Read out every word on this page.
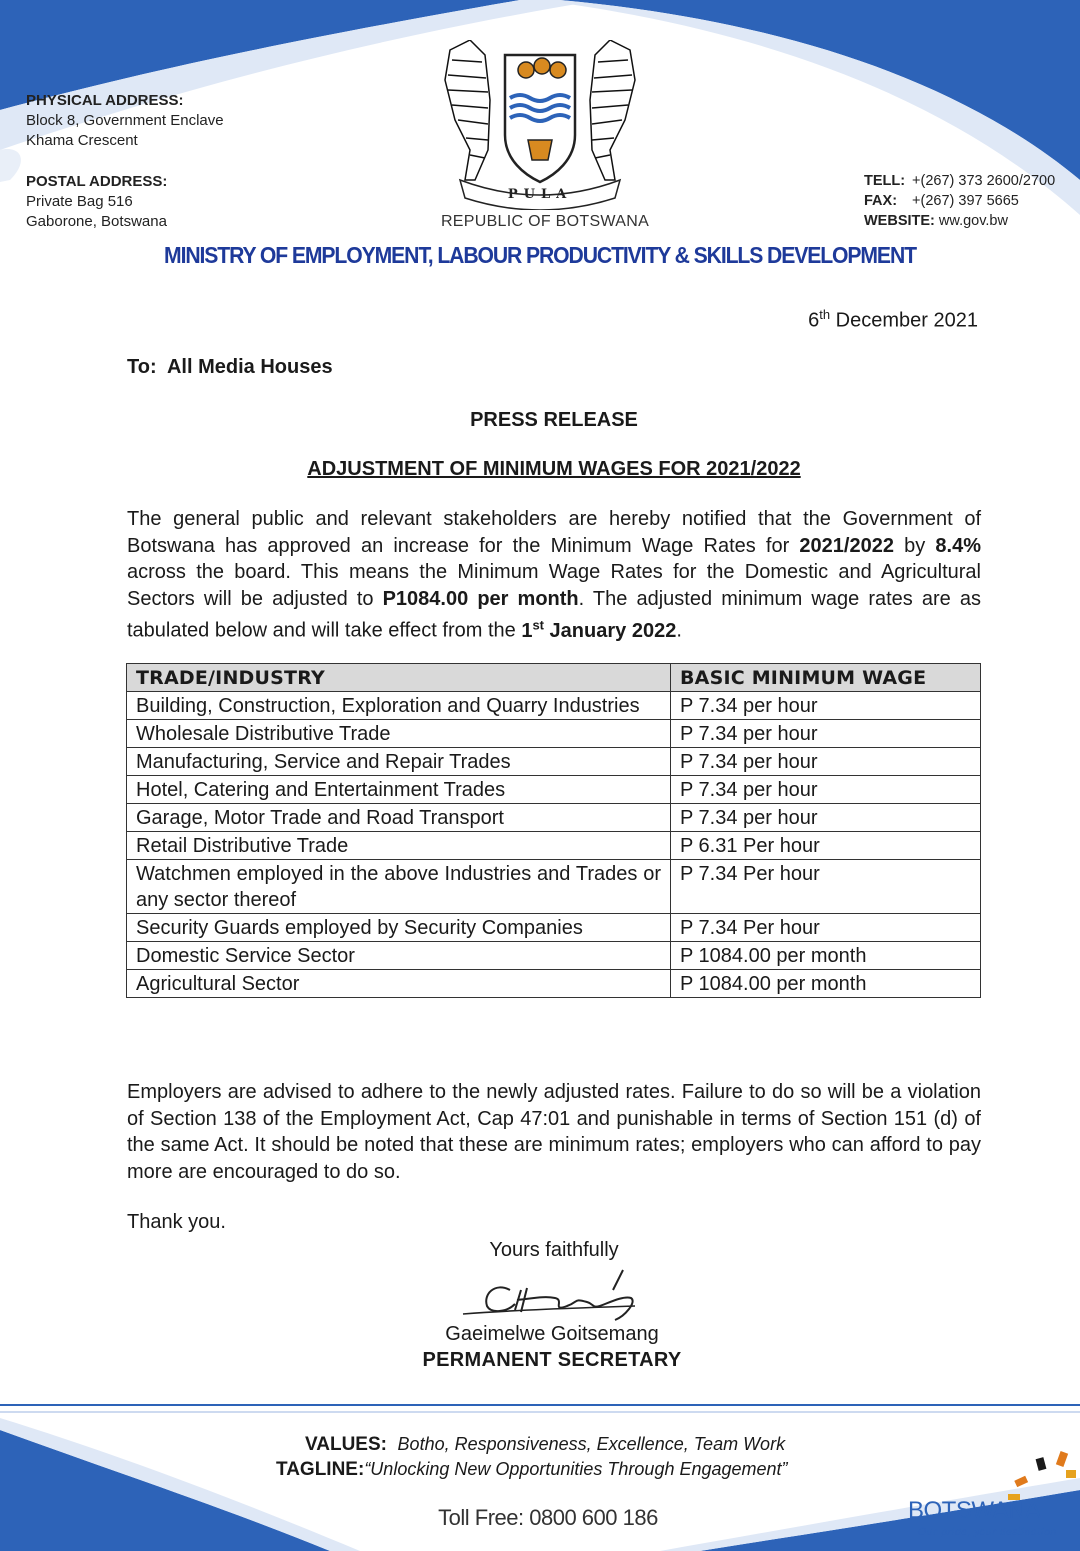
PULA
PHYSICAL ADDRESS:
Block 8, Government Enclave
Khama Crescent
POSTAL ADDRESS:
Private Bag 516
Gaborone, Botswana
TELL: +(267) 373 2600/2700
FAX: +(267) 397 5665
WEBSITE: ww.gov.bw
REPUBLIC OF BOTSWANA
MINISTRY OF EMPLOYMENT, LABOUR PRODUCTIVITY & SKILLS DEVELOPMENT
6th December 2021
To:  All Media Houses
PRESS RELEASE
ADJUSTMENT OF MINIMUM WAGES FOR 2021/2022
The general public and relevant stakeholders are hereby notified that the Government of Botswana has approved an increase for the Minimum Wage Rates for 2021/2022 by 8.4% across the board. This means the Minimum Wage Rates for the Domestic and Agricultural Sectors will be adjusted to P1084.00 per month. The adjusted minimum wage rates are as tabulated below and will take effect from the 1st January 2022.
TRADE/INDUSTRY	BASIC MINIMUM WAGE
Building, Construction, Exploration and Quarry Industries	P 7.34 per hour
Wholesale Distributive Trade	P 7.34 per hour
Manufacturing, Service and Repair Trades	P 7.34 per hour
Hotel, Catering and Entertainment Trades	P 7.34 per hour
Garage, Motor Trade and Road Transport	P 7.34 per hour
Retail Distributive Trade	P 6.31 Per hour
Watchmen employed in the above Industries and Trades or any sector thereof	P 7.34 Per hour
Security Guards employed by Security Companies	P 7.34 Per hour
Domestic Service Sector	P 1084.00 per month
Agricultural Sector	P 1084.00 per month
Employers are advised to adhere to the newly adjusted rates. Failure to do so will be a violation of Section 138 of the Employment Act, Cap 47:01 and punishable in terms of Section 151 (d) of the same Act. It should be noted that these are minimum rates; employers who can afford to pay more are encouraged to do so.
Thank you.
Yours faithfully
Gaeimelwe Goitsemang
PERMANENT SECRETARY
VALUES: Botho, Responsiveness, Excellence, Team Work
TAGLINE:“Unlocking New Opportunities Through Engagement”
Toll Free: 0800 600 186	BOTSWANA
Our pride, your destination
